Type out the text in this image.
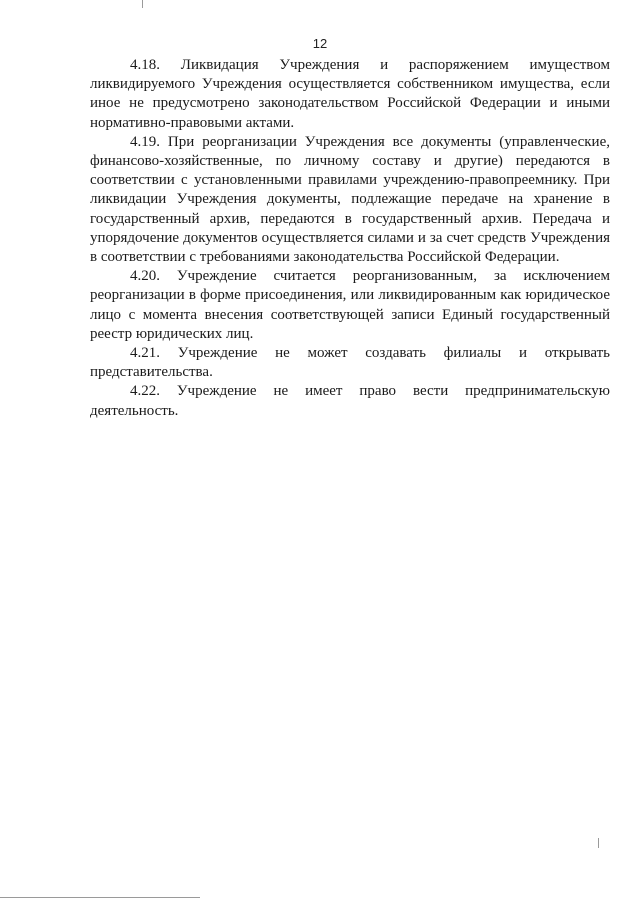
12

4.18. Ликвидация Учреждения и распоряжением имуществом ликвидируемого Учреждения осуществляется собственником имущества, если иное не предусмотрено законодательством Российской Федерации и иными нормативно-правовыми актами.

4.19. При реорганизации Учреждения все документы (управленческие, финансово-хозяйственные, по личному составу и другие) передаются в соответствии с установленными правилами учреждению-правопреемнику. При ликвидации Учреждения документы, подлежащие передаче на хранение в государственный архив, передаются в государственный архив. Передача и упорядочение документов осуществляется силами и за счет средств Учреждения в соответствии с требованиями законодательства Российской Федерации.

4.20. Учреждение считается реорганизованным, за исключением реорганизации в форме присоединения, или ликвидированным как юридическое лицо с момента внесения соответствующей записи Единый государственный реестр юридических лиц.

4.21. Учреждение не может создавать филиалы и открывать представительства.

4.22. Учреждение не имеет право вести предпринимательскую деятельность.
